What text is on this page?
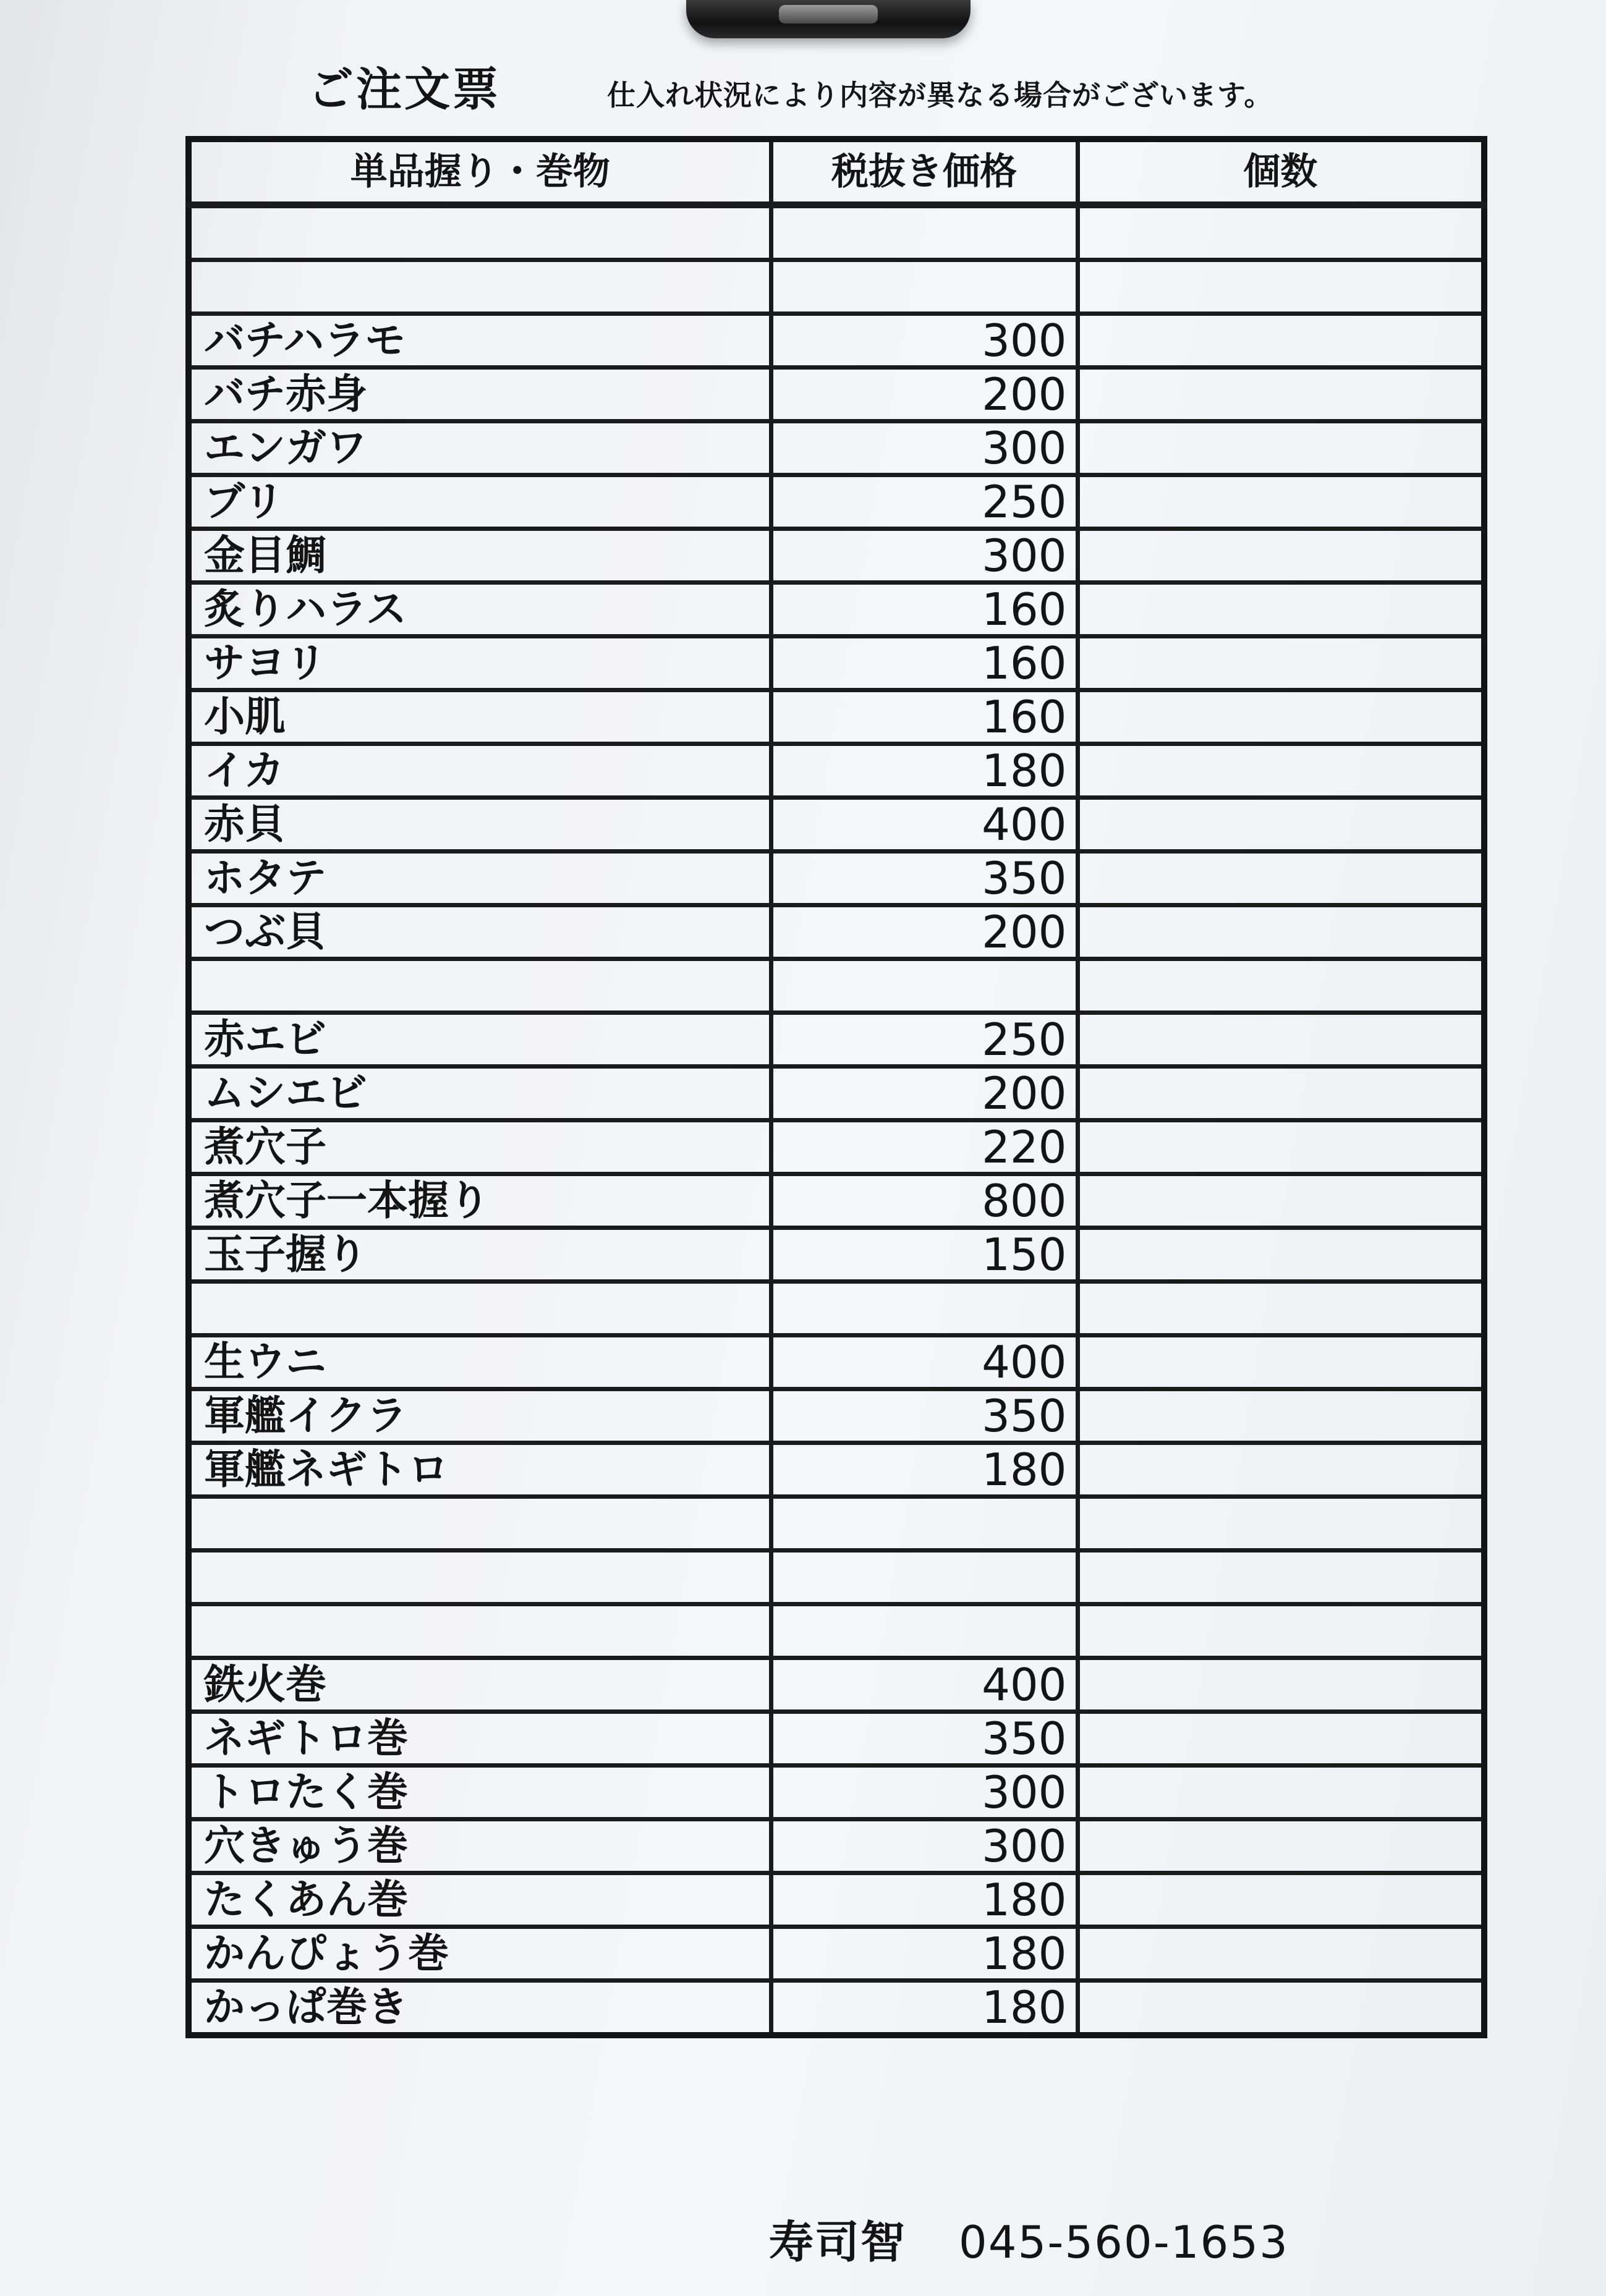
ご注文票	仕入れ状況により内容が異なる場合がございます。
単品握り・巻物	税抜き価格	個数

バチハラモ	300	
バチ赤身	200	
エンガワ	300	
ブリ	250	
金目鯛	300	
炙りハラス	160	
サヨリ	160	
小肌	160	
イカ	180	
赤貝	400	
ホタテ	350	
つぶ貝	200	

赤エビ	250	
ムシエビ	200	
煮穴子	220	
煮穴子一本握り	800	
玉子握り	150	

生ウニ	400	
軍艦イクラ	350	
軍艦ネギトロ	180	

鉄火巻	400	
ネギトロ巻	350	
トロたく巻	300	
穴きゅう巻	300	
たくあん巻	180	
かんぴょう巻	180	
かっぱ巻き	180	
寿司智 045-560-1653
